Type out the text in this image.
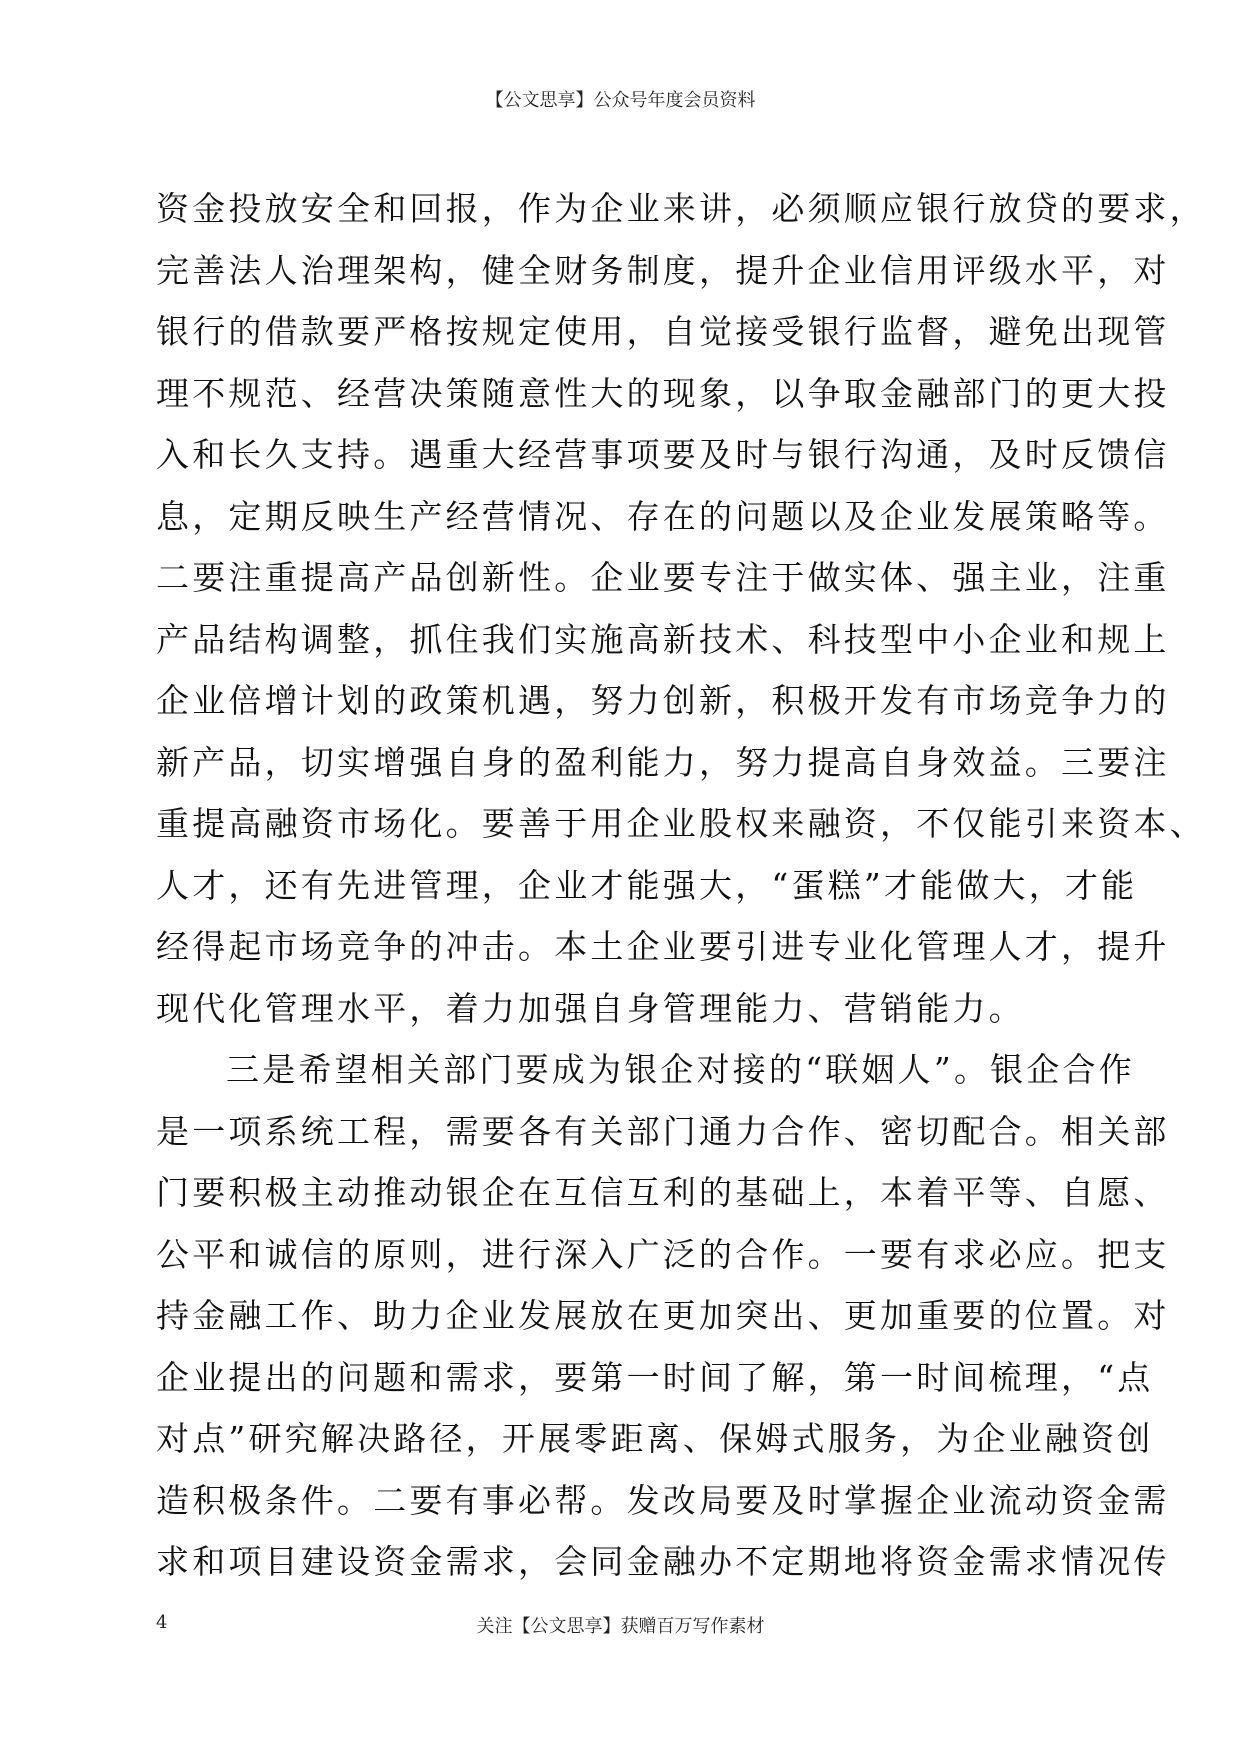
【公文思享】公众号年度会员资料
资金投放安全和回报，作为企业来讲，必须顺应银行放贷的要求，
完善法人治理架构，健全财务制度，提升企业信用评级水平，对
银行的借款要严格按规定使用，自觉接受银行监督，避免出现管
理不规范、经营决策随意性大的现象，以争取金融部门的更大投
入和长久支持。遇重大经营事项要及时与银行沟通，及时反馈信
息，定期反映生产经营情况、存在的问题以及企业发展策略等。
二要注重提高产品创新性。企业要专注于做实体、强主业，注重
产品结构调整，抓住我们实施高新技术、科技型中小企业和规上
企业倍增计划的政策机遇，努力创新，积极开发有市场竞争力的
新产品，切实增强自身的盈利能力，努力提高自身效益。三要注
重提高融资市场化。要善于用企业股权来融资，不仅能引来资本、
人才，还有先进管理，企业才能强大，“蛋糕”才能做大，才能
经得起市场竞争的冲击。本土企业要引进专业化管理人才，提升
现代化管理水平，着力加强自身管理能力、营销能力。
三是希望相关部门要成为银企对接的“联姻人”。银企合作
是一项系统工程，需要各有关部门通力合作、密切配合。相关部
门要积极主动推动银企在互信互利的基础上，本着平等、自愿、
公平和诚信的原则，进行深入广泛的合作。一要有求必应。把支
持金融工作、助力企业发展放在更加突出、更加重要的位置。对
企业提出的问题和需求，要第一时间了解，第一时间梳理，“点
对点”研究解决路径，开展零距离、保姆式服务，为企业融资创
造积极条件。二要有事必帮。发改局要及时掌握企业流动资金需
求和项目建设资金需求，会同金融办不定期地将资金需求情况传
4	关注【公文思享】获赠百万写作素材
